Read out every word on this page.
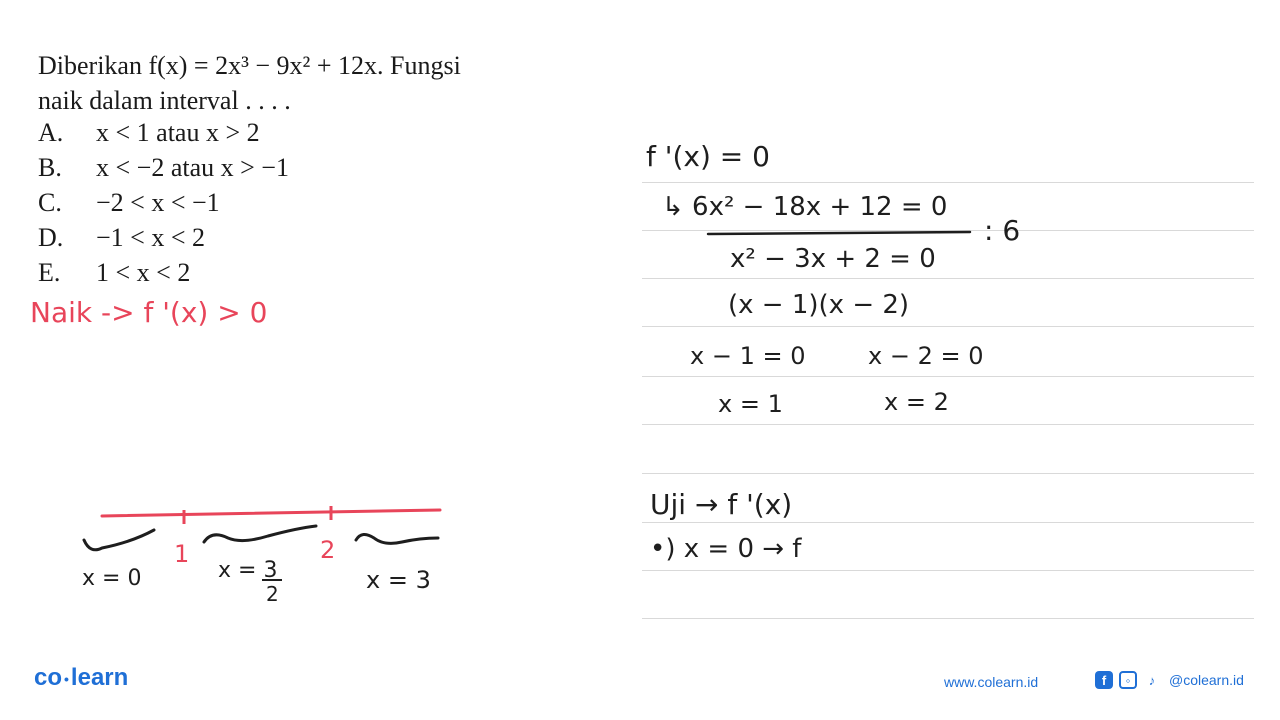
Diberikan f(x) = 2x³ − 9x² + 12x. Fungsi
naik dalam interval . . . .
A. x < 1 atau x > 2
B. x < −2 atau x > −1
C. −2 < x < −1
D. −1 < x < 2
E. 1 < x < 2
Naik -> f '(x) > 0
f '(x) = 0
↳ 6x² − 18x + 12 = 0
: 6
x² − 3x + 2 = 0
(x − 1)(x − 2)
x − 1 = 0	x − 2 = 0
x = 1	x = 2
Uji → f '(x)
•) x = 0 → f
1	2
x = 0	x = 3
2	x = 3
co •learn	www.colearn.id	f	◦	♪ @colearn.id
